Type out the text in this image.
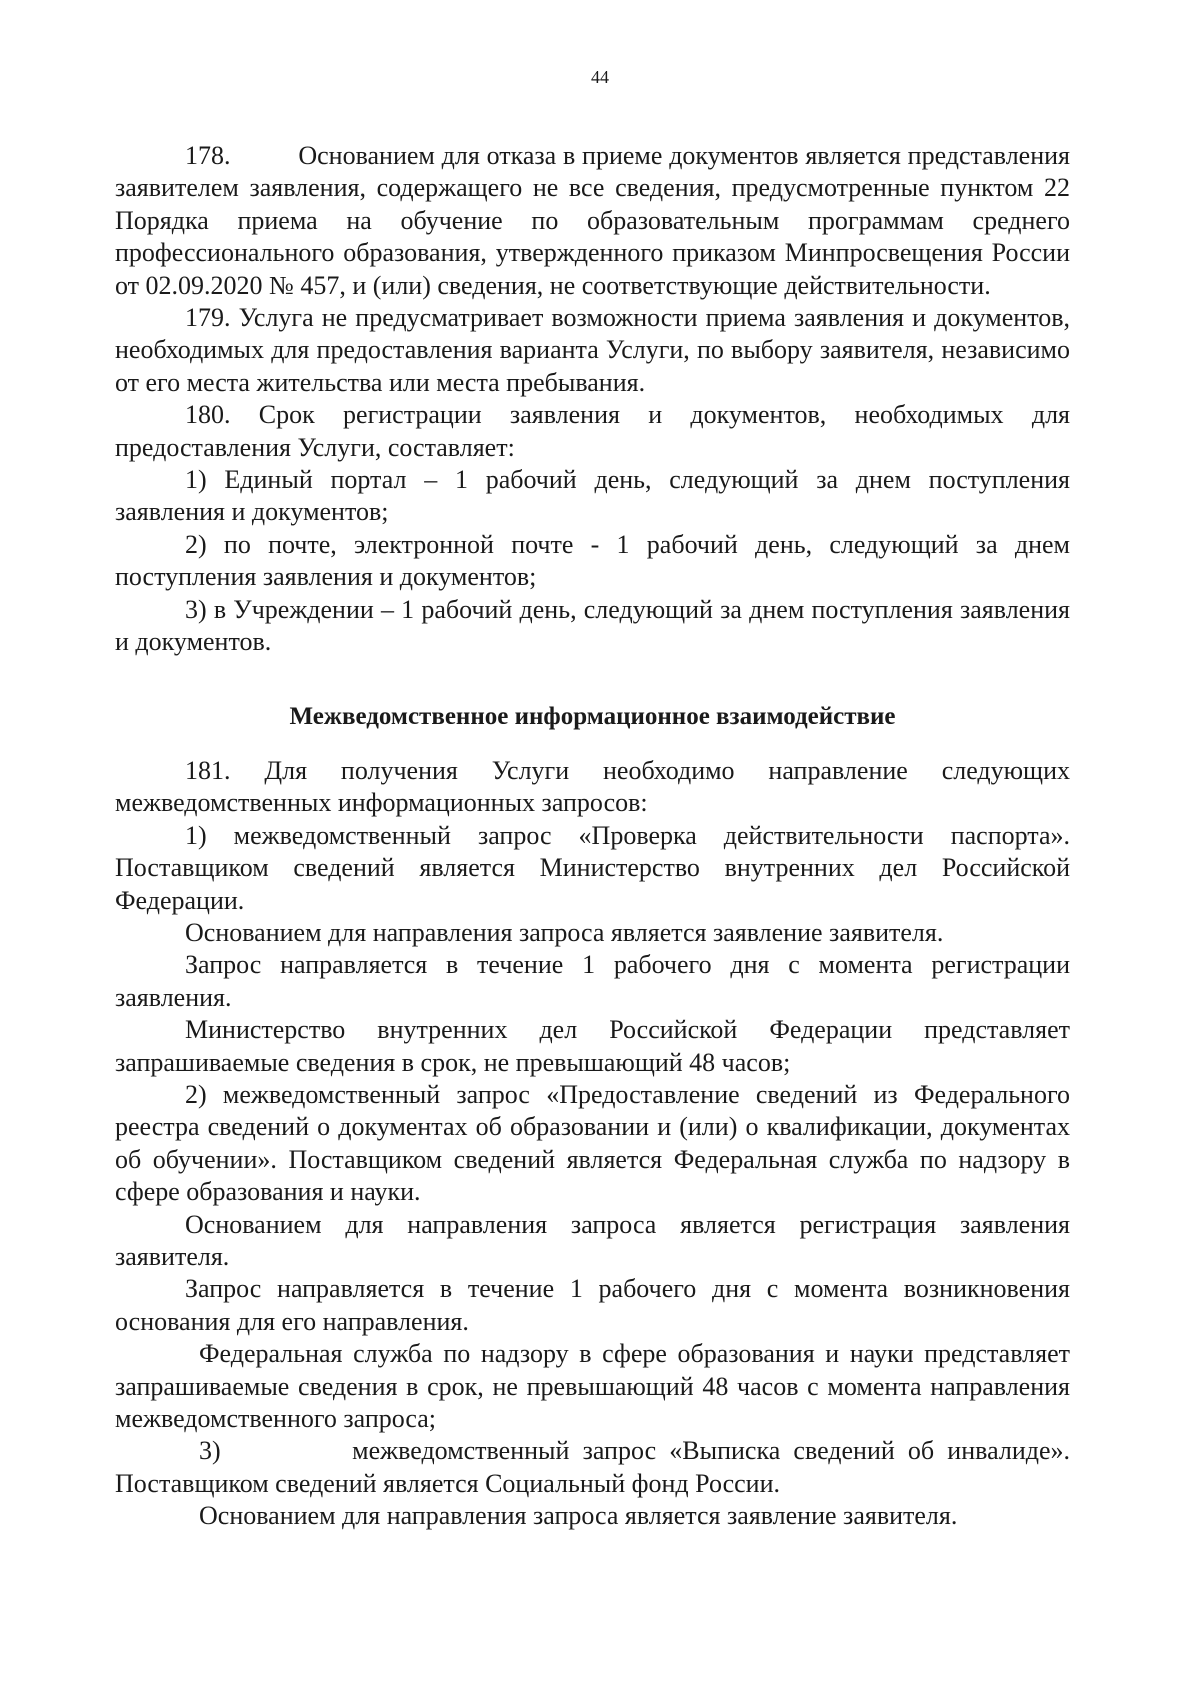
44

178.          Основанием для отказа в приеме документов является представления заявителем заявления, содержащего не все сведения, предусмотренные пунктом 22 Порядка приема на обучение по образовательным программам среднего профессионального образования, утвержденного приказом Минпросвещения России от 02.09.2020 № 457, и (или) сведения, не соответствующие действительности.

179. Услуга не предусматривает возможности приема заявления и документов, необходимых для предоставления варианта Услуги, по выбору заявителя, независимо от его места жительства или места пребывания.

180. Срок регистрации заявления и документов, необходимых для предоставления Услуги, составляет:

1) Единый портал – 1 рабочий день, следующий за днем поступления заявления и документов;

2) по почте, электронной почте - 1 рабочий день, следующий за днем поступления заявления и документов;

3) в Учреждении – 1 рабочий день, следующий за днем поступления заявления и документов.

Межведомственное информационное взаимодействие

181. Для получения Услуги необходимо направление следующих межведомственных информационных запросов:

1) межведомственный запрос «Проверка действительности паспорта». Поставщиком сведений является Министерство внутренних дел Российской Федерации.

Основанием для направления запроса является заявление заявителя.

Запрос направляется в течение 1 рабочего дня с момента регистрации заявления.

Министерство внутренних дел Российской Федерации представляет запрашиваемые сведения в срок, не превышающий 48 часов;

2) межведомственный запрос «Предоставление сведений из Федерального реестра сведений о документах об образовании и (или) о квалификации, документах об обучении». Поставщиком сведений является Федеральная служба по надзору в сфере образования и науки.

Основанием для направления запроса является регистрация заявления заявителя.

Запрос направляется в течение 1 рабочего дня с момента возникновения основания для его направления.

Федеральная служба по надзору в сфере образования и науки представляет запрашиваемые сведения в срок, не превышающий 48 часов с момента направления межведомственного запроса;

3)          межведомственный запрос «Выписка сведений об инвалиде». Поставщиком сведений является Социальный фонд России.

Основанием для направления запроса является заявление заявителя.
